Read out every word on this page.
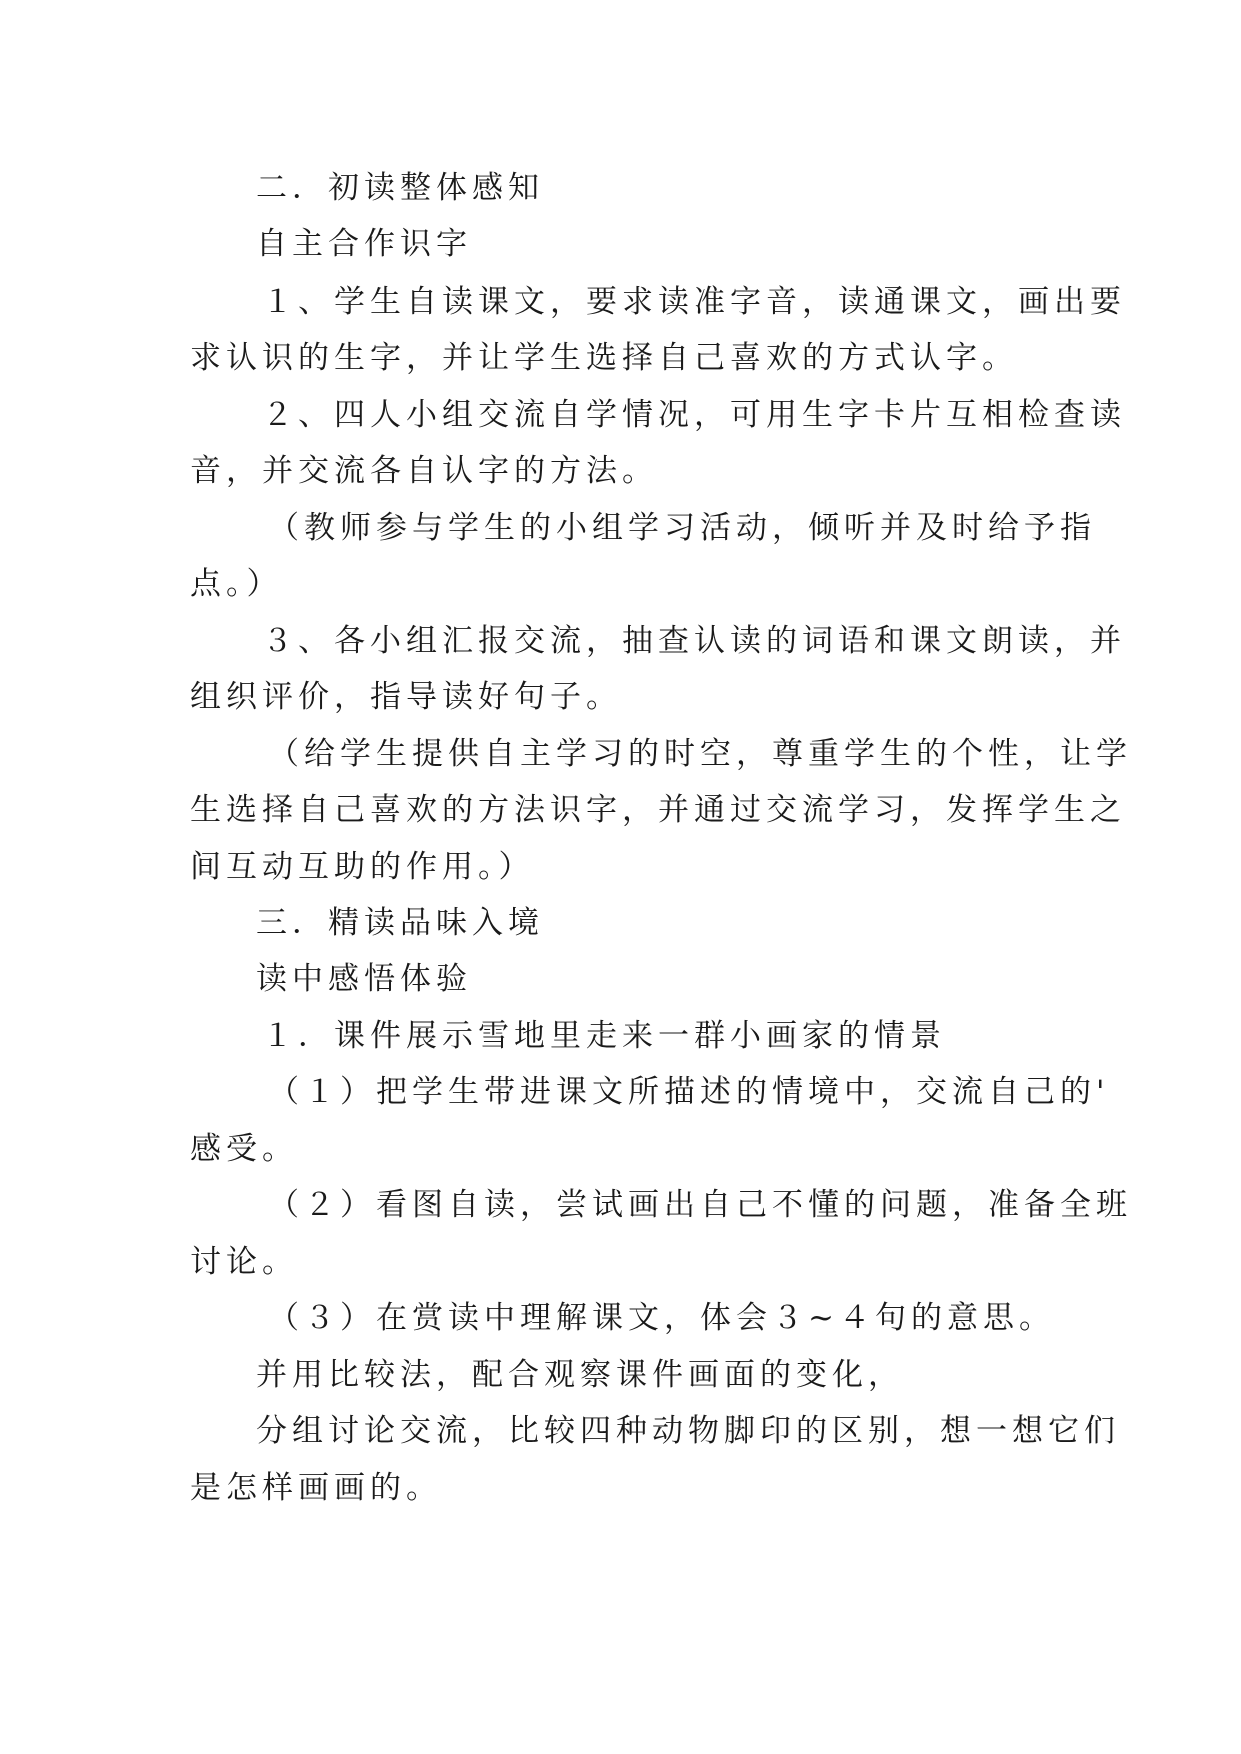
二．初读整体感知

自主合作识字

１、学生自读课文，要求读准字音，读通课文，画出要

求认识的生字，并让学生选择自己喜欢的方式认字。

２、四人小组交流自学情况，可用生字卡片互相检查读

音，并交流各自认字的方法。

（教师参与学生的小组学习活动，倾听并及时给予指

点。）

３、各小组汇报交流，抽查认读的词语和课文朗读，并

组织评价，指导读好句子。

（给学生提供自主学习的时空，尊重学生的个性，让学

生选择自己喜欢的方法识字，并通过交流学习，发挥学生之

间互动互助的作用。）

三．精读品味入境

读中感悟体验

１．课件展示雪地里走来一群小画家的情景

（１）把学生带进课文所描述的情境中，交流自己的'

感受。

（２）看图自读，尝试画出自己不懂的问题，准备全班

讨论。

（３）在赏读中理解课文，体会３~４句的意思。

并用比较法，配合观察课件画面的变化，

分组讨论交流，比较四种动物脚印的区别，想一想它们

是怎样画画的。
